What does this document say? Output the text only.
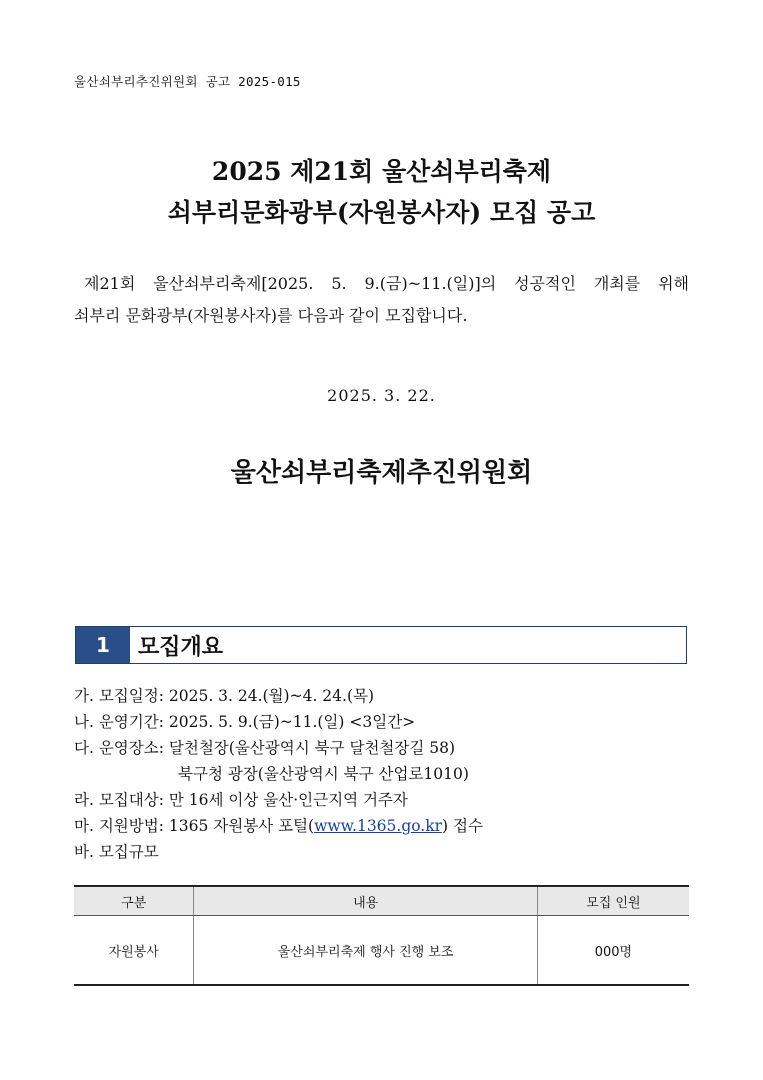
울산쇠부리추진위원회 공고 2025-015
2025 제21회 울산쇠부리축제
쇠부리문화광부(자원봉사자) 모집 공고
제21회 울산쇠부리축제[2025. 5. 9.(금)~11.(일)]의 성공적인 개최를 위해
쇠부리 문화광부(자원봉사자)를 다음과 같이 모집합니다.
2025. 3. 22.
울산쇠부리축제추진위원회
1	모집개요
가. 모집일정: 2025. 3. 24.(월)~4. 24.(목)
나. 운영기간: 2025. 5. 9.(금)~11.(일) <3일간>
다. 운영장소: 달천철장(울산광역시 북구 달천철장길 58)
북구청 광장(울산광역시 북구 산업로1010)
라. 모집대상: 만 16세 이상 울산·인근지역 거주자
마. 지원방법: 1365 자원봉사 포털(www.1365.go.kr) 접수
바. 모집규모
구분	내용	모집 인원
자원봉사	울산쇠부리축제 행사 진행 보조	000명
